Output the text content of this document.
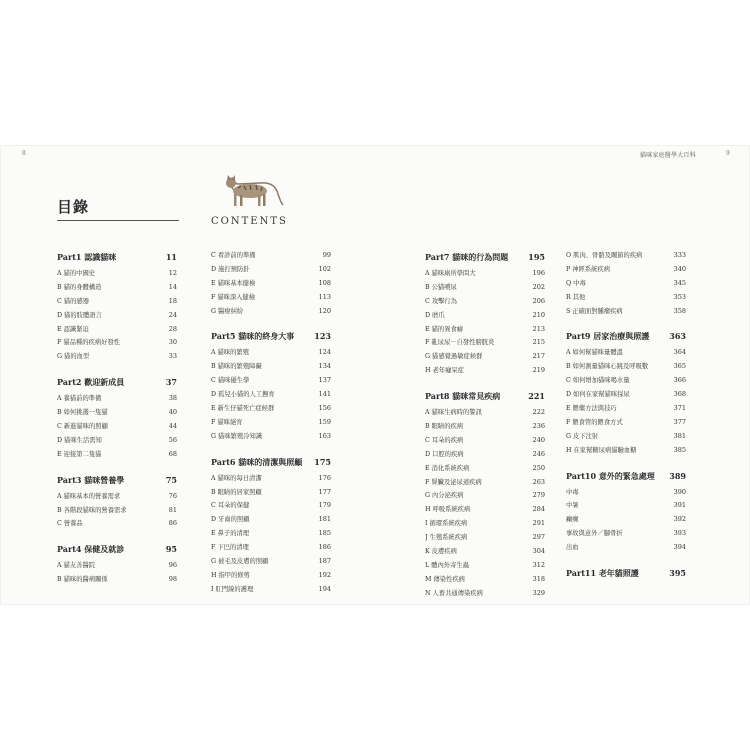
8	貓咪家庭醫學大百科	9
目錄
CONTENTS
Part1 認識貓咪	11
A 貓的中國史	12
B 貓的身體構造	14
C 貓的感器	18
D 貓的肢體語言	24
E 認識緊迫	28
F 貓品種的疾病好發性	30
G 貓的血型	33
Part2 歡迎新成員	37
A 養貓前的準備	38
B 如何挑選一隻貓	40
C 新進貓咪的照顧	44
D 貓咪生活需知	56
E 迎接第二隻貓	68
Part3 貓咪營養學	75
A 貓咪基本的營養需求	76
B 各階段貓咪的營養需求	81
C 營養品	86
Part4 保健及就診	95
A 貓友善醫院	96
B 貓咪的醫病關係	98
C 看診前的準備	99
D 施打預防針	102
E 貓咪基本健檢	108
F 貓咪深入健檢	113
G 醫療糾紛	120
Part5 貓咪的終身大事	123
A 貓咪的繁殖	124
B 貓咪的繁殖障礙	134
C 貓咪優生學	137
D 孤兒小貓的人工撫育	141
E 新生仔貓死亡症候群	156
F 貓咪絕育	159
G 貓咪繁殖冷知識	163
Part6 貓咪的清潔與照顧 175
A 貓咪的每日清潔	176
B 眼睛的居家照顧	177
C 耳朵的保健	179
D 牙齒的照顧	181
E 鼻子的清理	185
F 下巴的清理	186
G 被毛及皮膚的照顧	187
H 指甲的修剪	192
I 肛門線的護理	194
Part7 貓咪的行為問題	195
A 貓咪廁所學問大	196
B 公貓噴尿	202
C 攻擊行為	206
D 磨爪	210
E 貓的異食癖	213
F 亂尿尿－自發性膀胱炎	215
G 貓感覺過敏症候群	217
H 老年癡呆症	219
Part8 貓咪常見疾病	221
A 貓咪生病時的警訊	222
B 眼睛的疾病	236
C 耳朵的疾病	240
D 口腔的疾病	246
E 消化系統疾病	250
F 腎臟及泌尿道疾病	263
G 內分泌疾病	279
H 呼吸系統疾病	284
I 循環系統疾病	291
J 生殖系統疾病	297
K 皮膚疾病	304
L 體內外寄生蟲	312
M 傳染性疾病	318
N 人畜共通傳染疾病	329
O 肌肉、骨骼及關節的疾病	333
P 神經系統疾病	340
Q 中毒	345
R 其他	353
S 正確面對腫瘤疾病	358
Part9 居家治療與照護	363
A 如何幫貓咪量體溫	364
B 如何測量貓咪心跳及呼吸數	365
C 如何增加貓咪喝水量	366
D 如何在家幫貓咪採尿	368
E 餵藥方法與技巧	371
F 餵食管的餵食方式	377
G 皮下注射	381
H 在家幫糖尿病貓驗血糖	385
Part10 意外的緊急處理 389
中毒	390
中暑	391
癲癇	392
事故與意外／腳骨折	393
出血	394
Part11 老年貓照護	395
